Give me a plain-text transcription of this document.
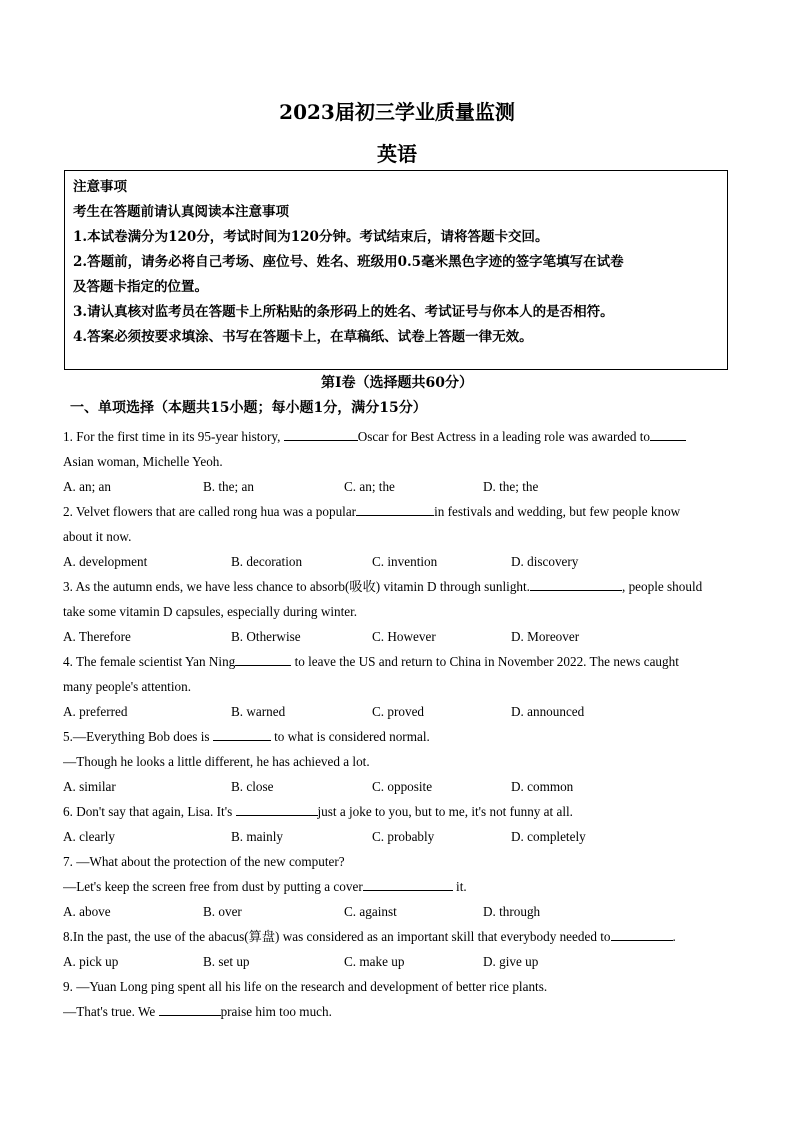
2023届初三学业质量监测
英语
注意事项
考生在答题前请认真阅读本注意事项
1.本试卷满分为120分，考试时间为120分钟。考试结束后，请将答题卡交回。
2.答题前，请务必将自己考场、座位号、姓名、班级用0.5毫米黑色字迹的签字笔填写在试卷
及答题卡指定的位置。
3.请认真核对监考员在答题卡上所粘贴的条形码上的姓名、考试证号与你本人的是否相符。
4.答案必须按要求填涂、书写在答题卡上，在草稿纸、试卷上答题一律无效。
第Ⅰ卷（选择题共60分）
一、单项选择（本题共15小题；每小题1分，满分15分）
1. For the first time in its 95-year history,	Oscar for Best Actress in a leading role was awarded to
Asian woman, Michelle Yeoh.
A. an; an	B. the; an	C. an; the	D. the; the
2. Velvet flowers that are called rong hua was a popular	in festivals and wedding, but few people know
about it now.
A. development	B. decoration	C. invention	D. discovery
3. As the autumn ends, we have less chance to absorb(吸收) vitamin D through sunlight.	, people should
take some vitamin D capsules, especially during winter.
A. Therefore	B. Otherwise	C. However	D. Moreover
4. The female scientist Yan Ning	to leave the US and return to China in November 2022. The news caught
many people's attention.
A. preferred	B. warned	C. proved	D. announced
5.—Everything Bob does is	to what is considered normal.
—Though he looks a little different, he has achieved a lot.
A. similar	B. close	C. opposite	D. common
6. Don't say that again, Lisa. It's	just a joke to you, but to me, it's not funny at all.
A. clearly	B. mainly	C. probably	D. completely
7. —What about the protection of the new computer?
—Let's keep the screen free from dust by putting a cover	it.
A. above	B. over	C. against	D. through
8.In the past, the use of the abacus(算盘) was considered as an important skill that everybody needed to	.
A. pick up	B. set up	C. make up	D. give up
9. —Yuan Long ping spent all his life on the research and development of better rice plants.
—That's true. We	praise him too much.
